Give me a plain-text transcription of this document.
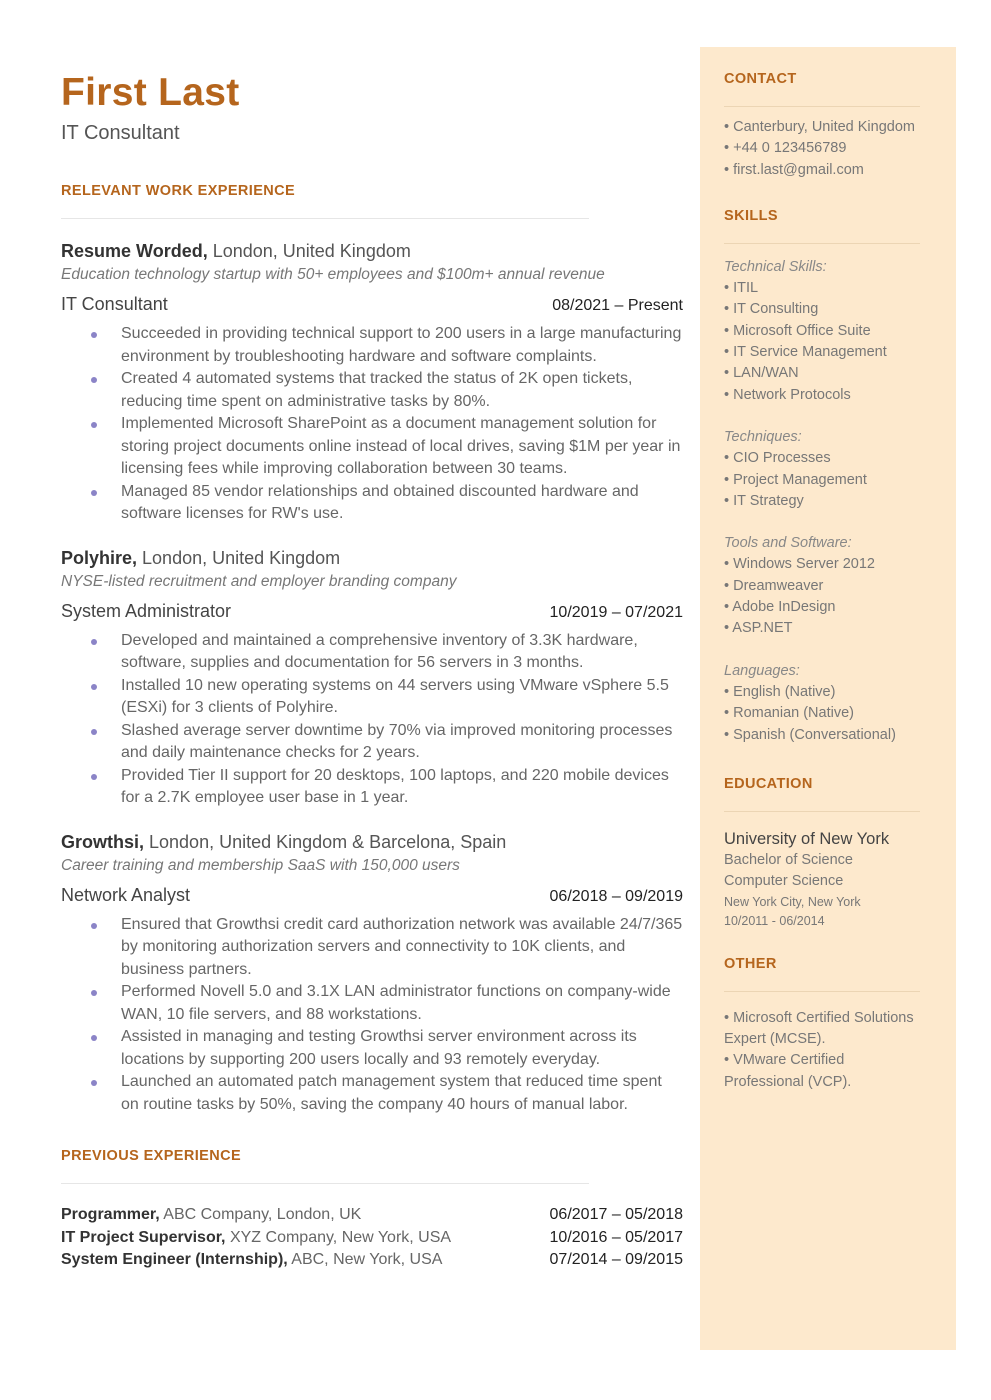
First Last
IT Consultant
RELEVANT WORK EXPERIENCE
Resume Worded, London, United Kingdom
Education technology startup with 50+ employees and $100m+ annual revenue
IT Consultant	08/2021 – Present
Succeeded in providing technical support to 200 users in a large manufacturing environment by troubleshooting hardware and software complaints.
Created 4 automated systems that tracked the status of 2K open tickets, reducing time spent on administrative tasks by 80%.
Implemented Microsoft SharePoint as a document management solution for storing project documents online instead of local drives, saving $1M per year in licensing fees while improving collaboration between 30 teams.
Managed 85 vendor relationships and obtained discounted hardware and software licenses for RW's use.
Polyhire, London, United Kingdom
NYSE-listed recruitment and employer branding company
System Administrator	10/2019 – 07/2021
Developed and maintained a comprehensive inventory of 3.3K hardware, software, supplies and documentation for 56 servers in 3 months.
Installed 10 new operating systems on 44 servers using VMware vSphere 5.5 (ESXi) for 3 clients of Polyhire.
Slashed average server downtime by 70% via improved monitoring processes and daily maintenance checks for 2 years.
Provided Tier II support for 20 desktops, 100 laptops, and 220 mobile devices for a 2.7K employee user base in 1 year.
Growthsi, London, United Kingdom & Barcelona, Spain
Career training and membership SaaS with 150,000 users
Network Analyst	06/2018 – 09/2019
Ensured that Growthsi credit card authorization network was available 24/7/365 by monitoring authorization servers and connectivity to 10K clients, and business partners.
Performed Novell 5.0 and 3.1X LAN administrator functions on company-wide WAN, 10 file servers, and 88 workstations.
Assisted in managing and testing Growthsi server environment across its locations by supporting 200 users locally and 93 remotely everyday.
Launched an automated patch management system that reduced time spent on routine tasks by 50%, saving the company 40 hours of manual labor.
PREVIOUS EXPERIENCE
Programmer, ABC Company, London, UK	06/2017 – 05/2018
IT Project Supervisor, XYZ Company, New York, USA	10/2016 – 05/2017
System Engineer (Internship), ABC, New York, USA	07/2014 – 09/2015
CONTACT
• Canterbury, United Kingdom
• +44 0 123456789
• first.last@gmail.com
SKILLS
Technical Skills:
• ITIL
• IT Consulting
• Microsoft Office Suite
• IT Service Management
• LAN/WAN
• Network Protocols
Techniques:
• CIO Processes
• Project Management
• IT Strategy
Tools and Software:
• Windows Server 2012
• Dreamweaver
• Adobe InDesign
• ASP.NET
Languages:
• English (Native)
• Romanian (Native)
• Spanish (Conversational)
EDUCATION
University of New York
Bachelor of Science
Computer Science
New York City, New York
10/2011 - 06/2014
OTHER
• Microsoft Certified Solutions Expert (MCSE).
• VMware Certified Professional (VCP).
